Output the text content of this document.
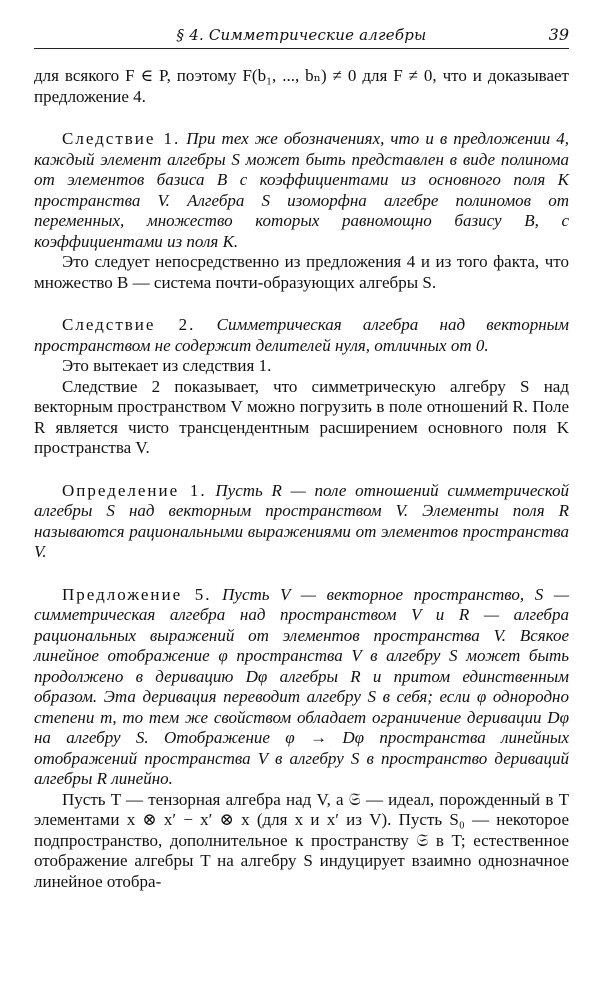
§ 4. Симметрические алгебры	39

для всякого F ∈ P, поэтому F(b₁, ..., bₙ) ≠ 0 для F ≠ 0, что и доказывает предложение 4.

Следствие 1. При тех же обозначениях, что и в предложении 4, каждый элемент алгебры S может быть представлен в виде полинома от элементов базиса B с коэффициентами из основного поля K пространства V. Алгебра S изоморфна алгебре полиномов от переменных, множество которых равномощно базису B, с коэффициентами из поля K.

Это следует непосредственно из предложения 4 и из того факта, что множество B — система почти-образующих алгебры S.

Следствие 2. Симметрическая алгебра над векторным пространством не содержит делителей нуля, отличных от 0.

Это вытекает из следствия 1.

Следствие 2 показывает, что симметрическую алгебру S над векторным пространством V можно погрузить в поле отношений R. Поле R является чисто трансцендентным расширением основного поля K пространства V.

Определение 1. Пусть R — поле отношений симметрической алгебры S над векторным пространством V. Элементы поля R называются рациональными выражениями от элементов пространства V.

Предложение 5. Пусть V — векторное пространство, S — симметрическая алгебра над пространством V и R — алгебра рациональных выражений от элементов пространства V. Всякое линейное отображение φ пространства V в алгебру S может быть продолжено в деривацию Dφ алгебры R и притом единственным образом. Эта деривация переводит алгебру S в себя; если φ однородно степени m, то тем же свойством обладает ограничение деривации Dφ на алгебру S. Отображение φ → Dφ пространства линейных отображений пространства V в алгебру S в пространство дериваций алгебры R линейно.

Пусть T — тензорная алгебра над V, а 𝔖 — идеал, порожденный в T элементами x ⊗ x′ − x′ ⊗ x (для x и x′ из V). Пусть S₀ — некоторое подпространство, дополнительное к пространству 𝔖 в T; естественное отображение алгебры T на алгебру S индуцирует взаимно однозначное линейное отобра-
